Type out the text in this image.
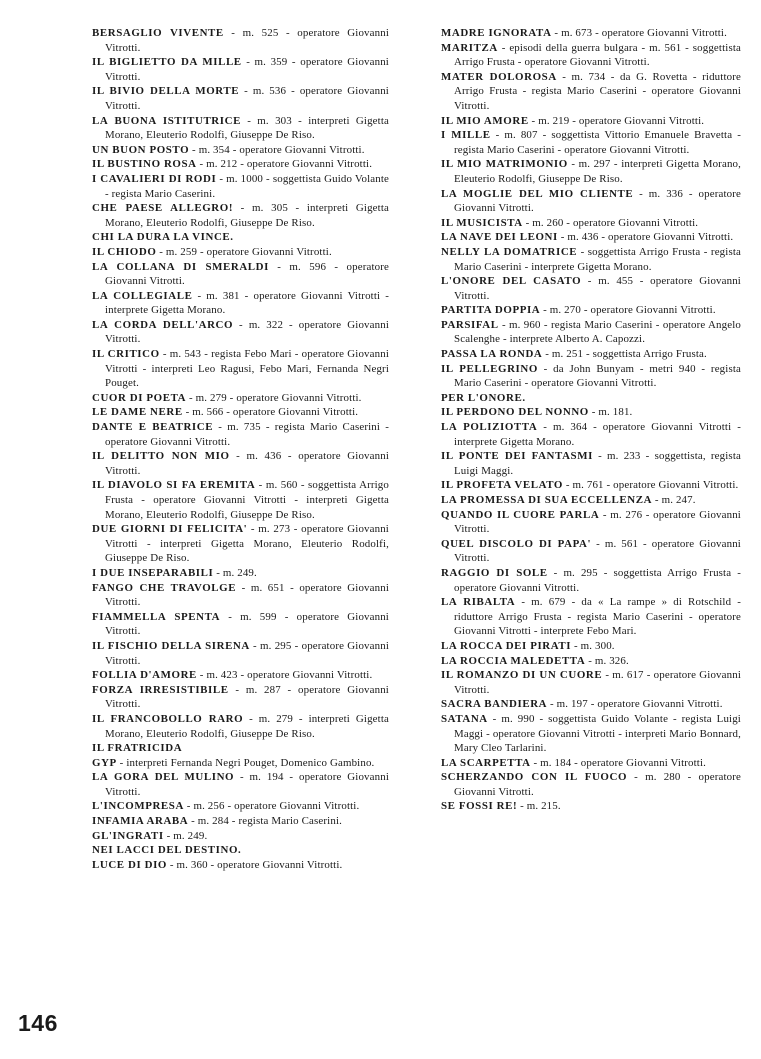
BERSAGLIO VIVENTE - m. 525 - operatore Giovanni Vitrotti.

IL BIGLIETTO DA MILLE - m. 359 - operatore Giovanni Vitrotti.

IL BIVIO DELLA MORTE - m. 536 - operatore Giovanni Vitrotti.

LA BUONA ISTITUTRICE - m. 303 - interpreti Gigetta Morano, Eleuterio Rodolfi, Giuseppe De Riso.

UN BUON POSTO - m. 354 - operatore Giovanni Vitrotti.

IL BUSTINO ROSA - m. 212 - operatore Giovanni Vitrotti.

I CAVALIERI DI RODI - m. 1000 - soggettista Guido Volante - regista Mario Caserini.

CHE PAESE ALLEGRO! - m. 305 - interpreti Gigetta Morano, Eleuterio Rodolfi, Giuseppe De Riso.

CHI LA DURA LA VINCE.

IL CHIODO - m. 259 - operatore Giovanni Vitrotti.

LA COLLANA DI SMERALDI - m. 596 - operatore Giovanni Vitrotti.

LA COLLEGIALE - m. 381 - operatore Giovanni Vitrotti - interprete Gigetta Morano.

LA CORDA DELL'ARCO - m. 322 - operatore Giovanni Vitrotti.

IL CRITICO - m. 543 - regista Febo Mari - operatore Giovanni Vitrotti - interpreti Leo Ragusi, Febo Mari, Fernanda Negri Pouget.

CUOR DI POETA - m. 279 - operatore Giovanni Vitrotti.

LE DAME NERE - m. 566 - operatore Giovanni Vitrotti.

DANTE E BEATRICE - m. 735 - regista Mario Caserini - operatore Giovanni Vitrotti.

IL DELITTO NON MIO - m. 436 - operatore Giovanni Vitrotti.

IL DIAVOLO SI FA EREMITA - m. 560 - soggettista Arrigo Frusta - operatore Giovanni Vitrotti - interpreti Gigetta Morano, Eleuterio Rodolfi, Giuseppe De Riso.

DUE GIORNI DI FELICITA' - m. 273 - operatore Giovanni Vitrotti - interpreti Gigetta Morano, Eleuterio Rodolfi, Giuseppe De Riso.

I DUE INSEPARABILI - m. 249.

FANGO CHE TRAVOLGE - m. 651 - operatore Giovanni Vitrotti.

FIAMMELLA SPENTA - m. 599 - operatore Giovanni Vitrotti.

IL FISCHIO DELLA SIRENA - m. 295 - operatore Giovanni Vitrotti.

FOLLIA D'AMORE - m. 423 - operatore Giovanni Vitrotti.

FORZA IRRESISTIBILE - m. 287 - operatore Giovanni Vitrotti.

IL FRANCOBOLLO RARO - m. 279 - interpreti Gigetta Morano, Eleuterio Rodolfi, Giuseppe De Riso.

IL FRATRICIDA

GYP - interpreti Fernanda Negri Pouget, Domenico Gambino.

LA GORA DEL MULINO - m. 194 - operatore Giovanni Vitrotti.

L'INCOMPRESA - m. 256 - operatore Giovanni Vitrotti.

INFAMIA ARABA - m. 284 - regista Mario Caserini.

GL'INGRATI - m. 249.

NEI LACCI DEL DESTINO.

LUCE DI DIO - m. 360 - operatore Giovanni Vitrotti.

MADRE IGNORATA - m. 673 - operatore Giovanni Vitrotti.

MARITZA - episodi della guerra bulgara - m. 561 - soggettista Arrigo Frusta - operatore Giovanni Vitrotti.

MATER DOLOROSA - m. 734 - da G. Rovetta - riduttore Arrigo Frusta - regista Mario Caserini - operatore Giovanni Vitrotti.

IL MIO AMORE - m. 219 - operatore Giovanni Vitrotti.

I MILLE - m. 807 - soggettista Vittorio Emanuele Bravetta - regista Mario Caserini - operatore Giovanni Vitrotti.

IL MIO MATRIMONIO - m. 297 - interpreti Gigetta Morano, Eleuterio Rodolfi, Giuseppe De Riso.

LA MOGLIE DEL MIO CLIENTE - m. 336 - operatore Giovanni Vitrotti.

IL MUSICISTA - m. 260 - operatore Giovanni Vitrotti.

LA NAVE DEI LEONI - m. 436 - operatore Giovanni Vitrotti.

NELLY LA DOMATRICE - soggettista Arrigo Frusta - regista Mario Caserini - interprete Gigetta Morano.

L'ONORE DEL CASATO - m. 455 - operatore Giovanni Vitrotti.

PARTITA DOPPIA - m. 270 - operatore Giovanni Vitrotti.

PARSIFAL - m. 960 - regista Mario Caserini - operatore Angelo Scalenghe - interprete Alberto A. Capozzi.

PASSA LA RONDA - m. 251 - soggettista Arrigo Frusta.

IL PELLEGRINO - da John Bunyam - metri 940 - regista Mario Caserini - operatore Giovanni Vitrotti.

PER L'ONORE.

IL PERDONO DEL NONNO - m. 181.

LA POLIZIOTTA - m. 364 - operatore Giovanni Vitrotti - interprete Gigetta Morano.

IL PONTE DEI FANTASMI - m. 233 - soggettista, regista Luigi Maggi.

IL PROFETA VELATO - m. 761 - operatore Giovanni Vitrotti.

LA PROMESSA DI SUA ECCELLENZA - m. 247.

QUANDO IL CUORE PARLA - m. 276 - operatore Giovanni Vitrotti.

QUEL DISCOLO DI PAPA' - m. 561 - operatore Giovanni Vitrotti.

RAGGIO DI SOLE - m. 295 - soggettista Arrigo Frusta - operatore Giovanni Vitrotti.

LA RIBALTA - m. 679 - da « La rampe » di Rotschild - riduttore Arrigo Frusta - regista Mario Caserini - operatore Giovanni Vitrotti - interprete Febo Mari.

LA ROCCA DEI PIRATI - m. 300.

LA ROCCIA MALEDETTA - m. 326.

IL ROMANZO DI UN CUORE - m. 617 - operatore Giovanni Vitrotti.

SACRA BANDIERA - m. 197 - operatore Giovanni Vitrotti.

SATANA - m. 990 - soggettista Guido Volante - regista Luigi Maggi - operatore Giovanni Vitrotti - interpreti Mario Bonnard, Mary Cleo Tarlarini.

LA SCARPETTA - m. 184 - operatore Giovanni Vitrotti.

SCHERZANDO CON IL FUOCO - m. 280 - operatore Giovanni Vitrotti.

SE FOSSI RE! - m. 215.

146
